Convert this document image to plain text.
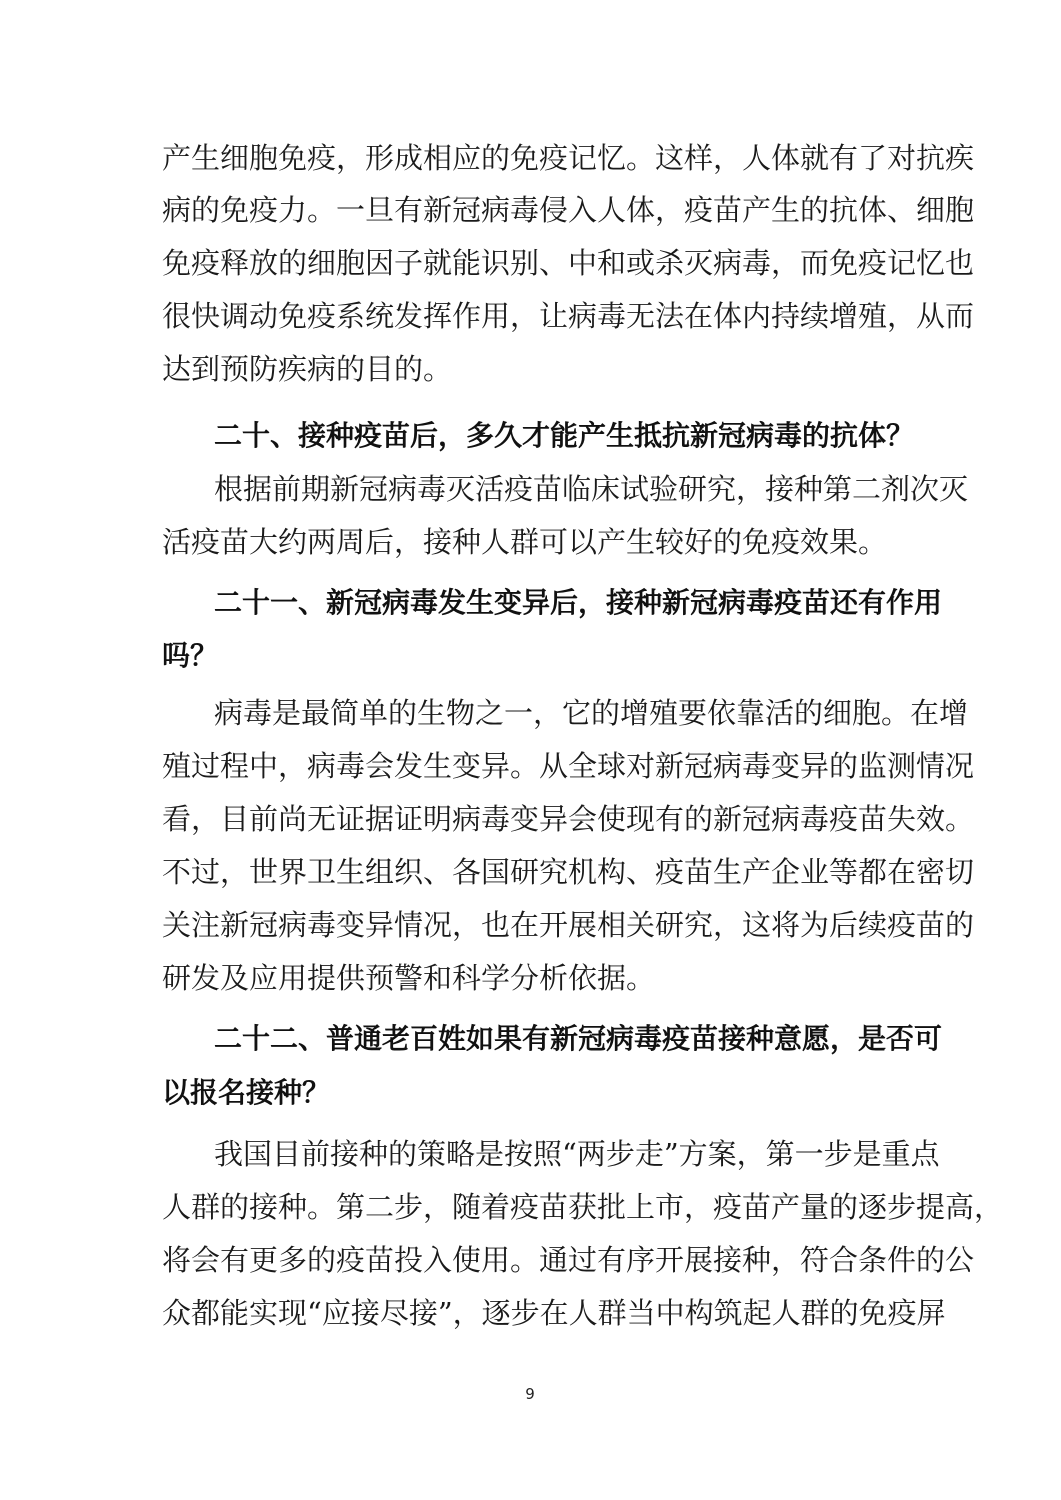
产生细胞免疫，形成相应的免疫记忆。这样，人体就有了对抗疾
病的免疫力。一旦有新冠病毒侵入人体，疫苗产生的抗体、细胞
免疫释放的细胞因子就能识别、中和或杀灭病毒，而免疫记忆也
很快调动免疫系统发挥作用，让病毒无法在体内持续增殖，从而
达到预防疾病的目的。
二十、接种疫苗后，多久才能产生抵抗新冠病毒的抗体？
根据前期新冠病毒灭活疫苗临床试验研究，接种第二剂次灭
活疫苗大约两周后，接种人群可以产生较好的免疫效果。
二十一、新冠病毒发生变异后，接种新冠病毒疫苗还有作用
吗？
病毒是最简单的生物之一，它的增殖要依靠活的细胞。在增
殖过程中，病毒会发生变异。从全球对新冠病毒变异的监测情况
看，目前尚无证据证明病毒变异会使现有的新冠病毒疫苗失效。
不过，世界卫生组织、各国研究机构、疫苗生产企业等都在密切
关注新冠病毒变异情况，也在开展相关研究，这将为后续疫苗的
研发及应用提供预警和科学分析依据。
二十二、普通老百姓如果有新冠病毒疫苗接种意愿，是否可
以报名接种？
我国目前接种的策略是按照“两步走”方案，第一步是重点
人群的接种。第二步，随着疫苗获批上市，疫苗产量的逐步提高，
将会有更多的疫苗投入使用。通过有序开展接种，符合条件的公
众都能实现“应接尽接”，逐步在人群当中构筑起人群的免疫屏
9
